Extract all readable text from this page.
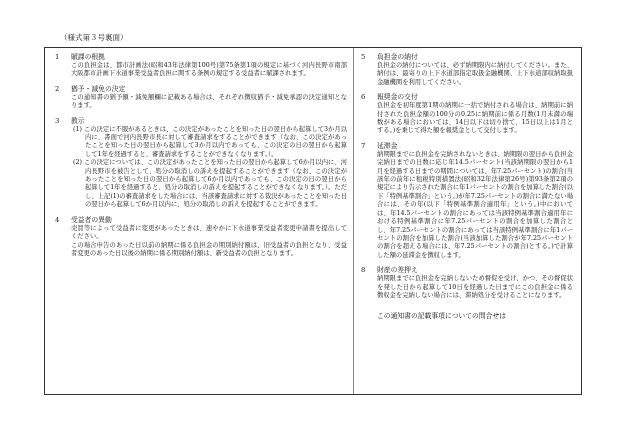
（様式第３号裏面）
1 賦課の根拠
この負担金は、都市計画法(昭和43年法律第100号)第75条第1項の規定に基づく河内長野市南部大阪都市計画下水道事業受益者負担に関する条例の規定する受益者に賦課されます。
2 猶予・減免の決定
この通知書の猶予額・減免額欄に記載ある場合は、それぞれ徴収猶予・減免承認の決定通知となります。
3 教示
(1) この決定に不服があるときは、この決定があったことを知った日の翌日から起算して3か月以内に、書面で河内長野市長に対して審査請求をすることができます（なお、この決定があったことを知った日の翌日から起算して3か月以内であっても、この決定の日の翌日から起算して1年を経過すると、審査請求をすることができなくなります。）。
(2) この決定については、この決定があったことを知った日の翌日から起算して6か月以内に、河内長野市を被告として、処分の取消しの訴えを提起することができます（なお、この決定があったことを知った日の翌日から起算して6か月以内であっても、この決定の日の翌日から起算して1年を経過すると、処分の取消しの訴えを提起することができなくなります。）。ただし、上記(1)の審査請求をした場合には、当該審査請求に対する裁決があったことを知った日の翌日から起算して6か月以内に、処分の取消しの訴えを提起することができます。
4 受益者の異動
売買等によって受益者に変更があったときは、速やかに下水道事業受益者変更申請書を提出してください。
この場合申告のあった日以前の納期に係る負担金の期別納付額は、旧受益者の負担となり、受益者変更のあった日以後の納期に係る期別納付額は、新受益者の負担となります。
5 負担金の納付
負担金の納付については、必ず納期限内に納付してください。また、納付は、最寄りの上下水道部指定取扱金融機関、上下水道部収納取扱金融機関を利用してください。
6 報奨金の交付
負担金を初年度第1期の納期に一括で納付される場合は、納期前に納付された負担金額の100分の0.25に納期前に係る月数(1月未満の端数がある場合においては、14日以下は切り捨て、15日以上は1月とする。)を乗じて得た額を報奨金として交付します。
7 延滞金
納期限までに負担金を完納されないときは、納期限の翌日から負担金完納日までの日数に応じ年14.5パーセント(当該納期限の翌日から1月を経過する日までの期間については、年7.25パーセント)の割合(当該年の前年に租税特別措置法(昭和32年法律第26号)第93条第2項の規定により告示された割合に年1パーセントの割合を加算した割合(以下「特例基準割合」という。)が年7.25パーセントの割合に満たない場合には、その年(以下「特例基準割合適用年」という。)中においては、年14.5パーセントの割合にあっては当該特例基準割合適用年における特例基準割合に年7.25パーセントの割合を加算した割合とし、年7.25パーセントの割合にあっては当該特例基準割合に年1パーセントの割合を加算した割合(当該加算した割合が年7.25パーセントの割合を超える場合には、年7.25パーセントの割合)とする。)で計算した額の延滞金を徴収します。
8 財産の差押え
納期限までに負担金を完納しないため督促を受け、かつ、その督促状を発した日から起算して10日を経過した日までにこの負担金に係る徴収金を完納しない場合には、滞納処分を受けることになります。
この通知書の記載事項についての問合せは
